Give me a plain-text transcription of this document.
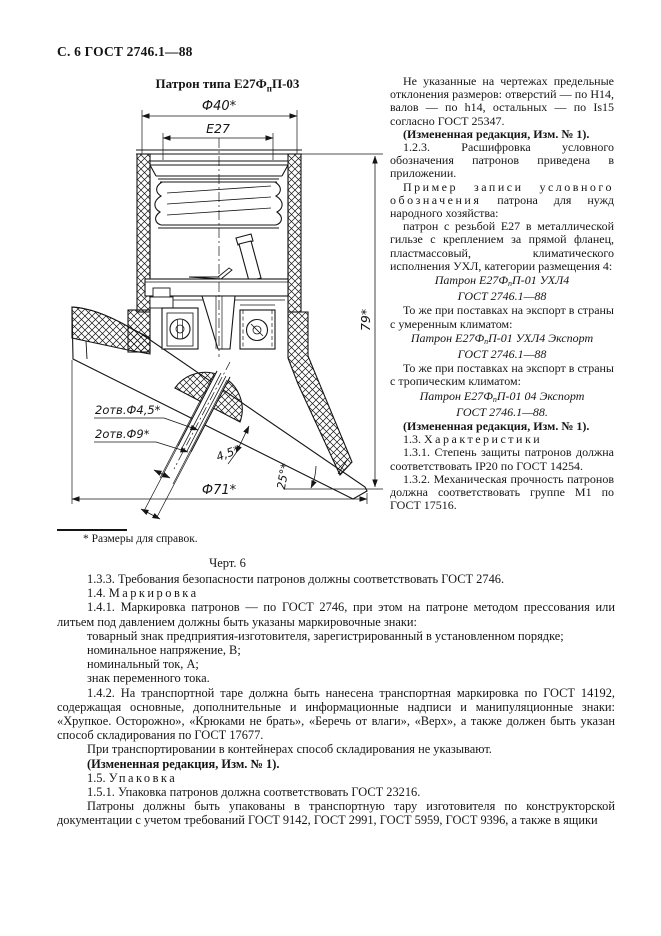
С. 6 ГОСТ 2746.1—88
Патрон типа $Е27Ф_пП-03$
Ф40*
Е27
79*
2отв.Ф4,5*
2отв.Ф9*
4,5*
25°*
Ф71*
* Размеры для справок.
Черт. 6

Не указанные на чертежах предельные отклонения размеров: отверстий — по Н14, валов — по h14, остальных — по Is15 согласно ГОСТ 25347.

(Измененная редакция, Изм. № 1).

1.2.3. Расшифровка условного обозначения патронов приведена в приложении.

Пример записи условного обозначения патрона для нужд народного хозяйства:

патрон с резьбой Е27 в металлической гильзе с креплением за прямой фланец, пластмассовый, климатического исполнения УХЛ, категории размещения 4:

Патрон $Е27Ф_пП-01$ УХЛ4
ГОСТ 2746.1—88

То же при поставках на экспорт в страны с умеренным климатом:

Патрон $Е27Ф_пП-01$ УХЛ4 Экспорт
ГОСТ 2746.1—88

То же при поставках на экспорт в страны с тропическим климатом:

Патрон $Е27Ф_пП-01$ 04 Экспорт
ГОСТ 2746.1—88.

(Измененная редакция, Изм. № 1).

1.3. Характеристики

1.3.1. Степень защиты патронов должна соответствовать IP20 по ГОСТ 14254.

1.3.2. Механическая прочность патронов должна соответствовать группе М1 по ГОСТ 17516.

1.3.3. Требования безопасности патронов должны соответствовать ГОСТ 2746.

1.4. Маркировка

1.4.1. Маркировка патронов — по ГОСТ 2746, при этом на патроне методом прессования или литьем под давлением должны быть указаны маркировочные знаки:

товарный знак предприятия-изготовителя, зарегистрированный в установленном порядке;

номинальное напряжение, В;

номинальный ток, А;

знак переменного тока.

1.4.2. На транспортной таре должна быть нанесена транспортная маркировка по ГОСТ 14192, содержащая основные, дополнительные и информационные надписи и манипуляционные знаки: «Хрупкое. Осторожно», «Крюками не брать», «Беречь от влаги», «Верх», а также должен быть указан способ складирования по ГОСТ 17677.

При транспортировании в контейнерах способ складирования не указывают.

(Измененная редакция, Изм. № 1).

1.5. Упаковка

1.5.1. Упаковка патронов должна соответствовать ГОСТ 23216.

Патроны должны быть упакованы в транспортную тару изготовителя по конструкторской документации с учетом требований ГОСТ 9142, ГОСТ 2991, ГОСТ 5959, ГОСТ 9396, а также в ящики
